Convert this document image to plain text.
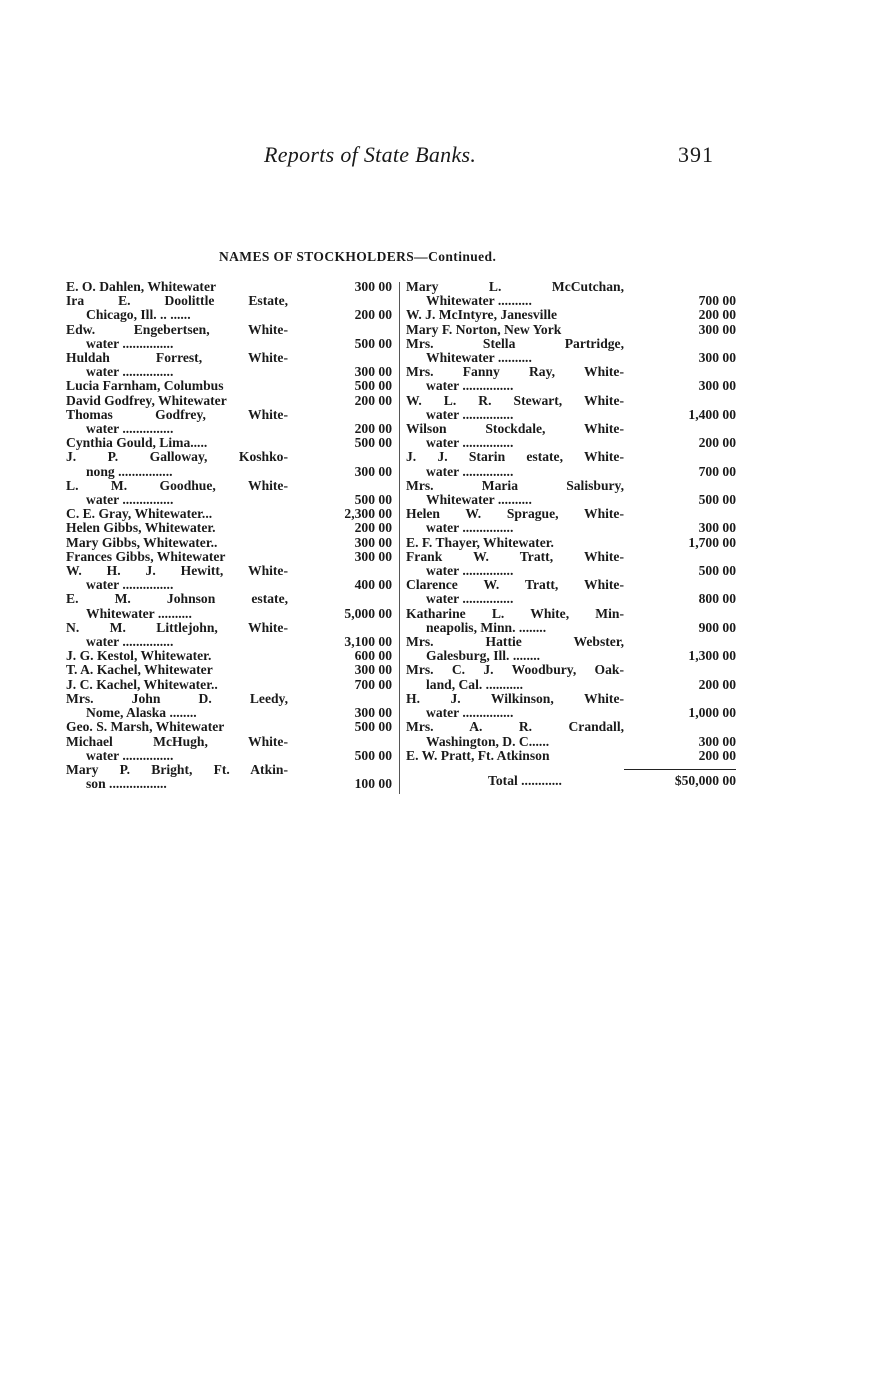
Reports of State Banks.	391
NAMES OF STOCKHOLDERS—Continued.
E. O. Dahlen, Whitewater	300 00
Ira E. Doolittle Estate,
Chicago, Ill. .. ......	200 00
Edw. Engebertsen, White-
water ...............	500 00
Huldah Forrest, White-
water ...............	300 00
Lucia Farnham, Columbus	500 00
David Godfrey, Whitewater	200 00
Thomas Godfrey, White-
water ...............	200 00
Cynthia Gould, Lima.....	500 00
J. P. Galloway, Koshko-
nong ................	300 00
L. M. Goodhue, White-
water ...............	500 00
C. E. Gray, Whitewater...	2,300 00
Helen Gibbs, Whitewater.	200 00
Mary Gibbs, Whitewater..	300 00
Frances Gibbs, Whitewater	300 00
W. H. J. Hewitt, White-
water ...............	400 00
E. M. Johnson estate,
Whitewater ..........	5,000 00
N. M. Littlejohn, White-
water ...............	3,100 00
J. G. Kestol, Whitewater.	600 00
T. A. Kachel, Whitewater	300 00
J. C. Kachel, Whitewater..	700 00
Mrs. John D. Leedy,
Nome, Alaska ........	300 00
Geo. S. Marsh, Whitewater	500 00
Michael McHugh, White-
water ...............	500 00
Mary P. Bright, Ft. Atkin-
son .................	100 00
Mary L. McCutchan,
Whitewater ..........	700 00
W. J. McIntyre, Janesville	200 00
Mary F. Norton, New York	300 00
Mrs. Stella Partridge,
Whitewater ..........	300 00
Mrs. Fanny Ray, White-
water ...............	300 00
W. L. R. Stewart, White-
water ...............	1,400 00
Wilson Stockdale, White-
water ...............	200 00
J. J. Starin estate, White-
water ...............	700 00
Mrs. Maria Salisbury,
Whitewater ..........	500 00
Helen W. Sprague, White-
water ...............	300 00
E. F. Thayer, Whitewater.	1,700 00
Frank W. Tratt, White-
water ...............	500 00
Clarence W. Tratt, White-
water ...............	800 00
Katharine L. White, Min-
neapolis, Minn. ........	900 00
Mrs. Hattie Webster,
Galesburg, Ill. ........	1,300 00
Mrs. C. J. Woodbury, Oak-
land, Cal. ...........	200 00
H. J. Wilkinson, White-
water ...............	1,000 00
Mrs. A. R. Crandall,
Washington, D. C......	300 00
E. W. Pratt, Ft. Atkinson	200 00
Total ............	$50,000 00
